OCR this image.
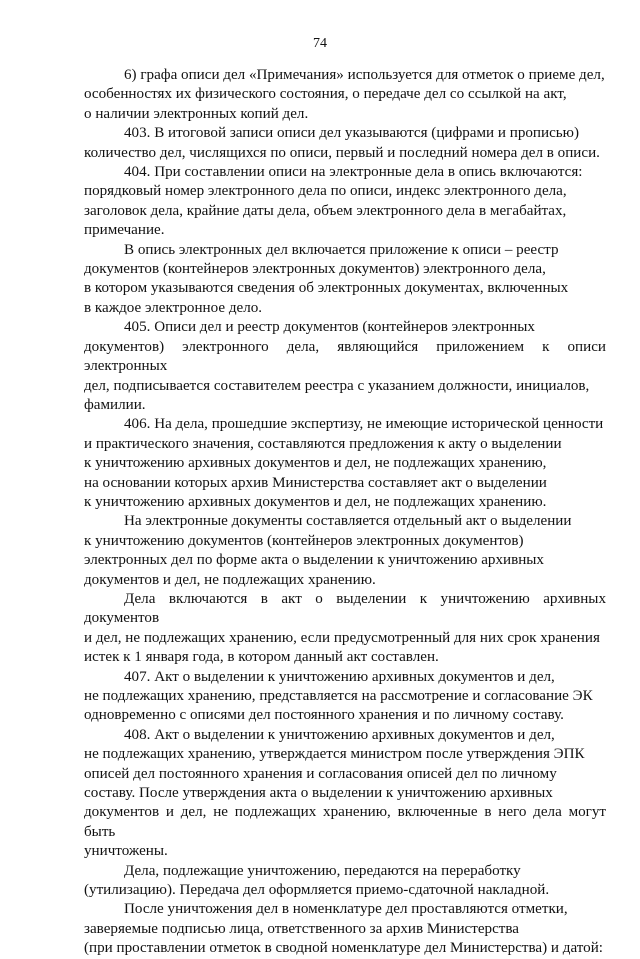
74

6) графа описи дел «Примечания» используется для отметок о приеме дел,
особенностях их физического состояния, о передаче дел со ссылкой на акт,
о наличии электронных копий дел.

403. В итоговой записи описи дел указываются (цифрами и прописью)
количество дел, числящихся по описи, первый и последний номера дел в описи.

404. При составлении описи на электронные дела в опись включаются:
порядковый номер электронного дела по описи, индекс электронного дела,
заголовок дела, крайние даты дела, объем электронного дела в мегабайтах,
примечание.

В опись электронных дел включается приложение к описи – реестр
документов (контейнеров электронных документов) электронного дела,
в котором указываются сведения об электронных документах, включенных
в каждое электронное дело.

405. Описи дел и реестр документов (контейнеров электронных
документов) электронного дела, являющийся приложением к описи электронных
дел, подписывается составителем реестра с указанием должности, инициалов,
фамилии.

406. На дела, прошедшие экспертизу, не имеющие исторической ценности
и практического значения, составляются предложения к акту о выделении
к уничтожению архивных документов и дел, не подлежащих хранению,
на основании которых архив Министерства составляет акт о выделении
к уничтожению архивных документов и дел, не подлежащих хранению.

На электронные документы составляется отдельный акт о выделении
к уничтожению документов (контейнеров электронных документов)
электронных дел по форме акта о выделении к уничтожению архивных
документов и дел, не подлежащих хранению.

Дела включаются в акт о выделении к уничтожению архивных документов
и дел, не подлежащих хранению, если предусмотренный для них срок хранения
истек к 1 января года, в котором данный акт составлен.

407. Акт о выделении к уничтожению архивных документов и дел,
не подлежащих хранению, представляется на рассмотрение и согласование ЭК
одновременно с описями дел постоянного хранения и по личному составу.

408. Акт о выделении к уничтожению архивных документов и дел,
не подлежащих хранению, утверждается министром после утверждения ЭПК
описей дел постоянного хранения и согласования описей дел по личному
составу. После утверждения акта о выделении к уничтожению архивных
документов и дел, не подлежащих хранению, включенные в него дела могут быть
уничтожены.

Дела, подлежащие уничтожению, передаются на переработку
(утилизацию). Передача дел оформляется приемо-сдаточной накладной.

После уничтожения дел в номенклатуре дел проставляются отметки,
заверяемые подписью лица, ответственного за архив Министерства
(при проставлении отметок в сводной номенклатуре дел Министерства) и датой:
